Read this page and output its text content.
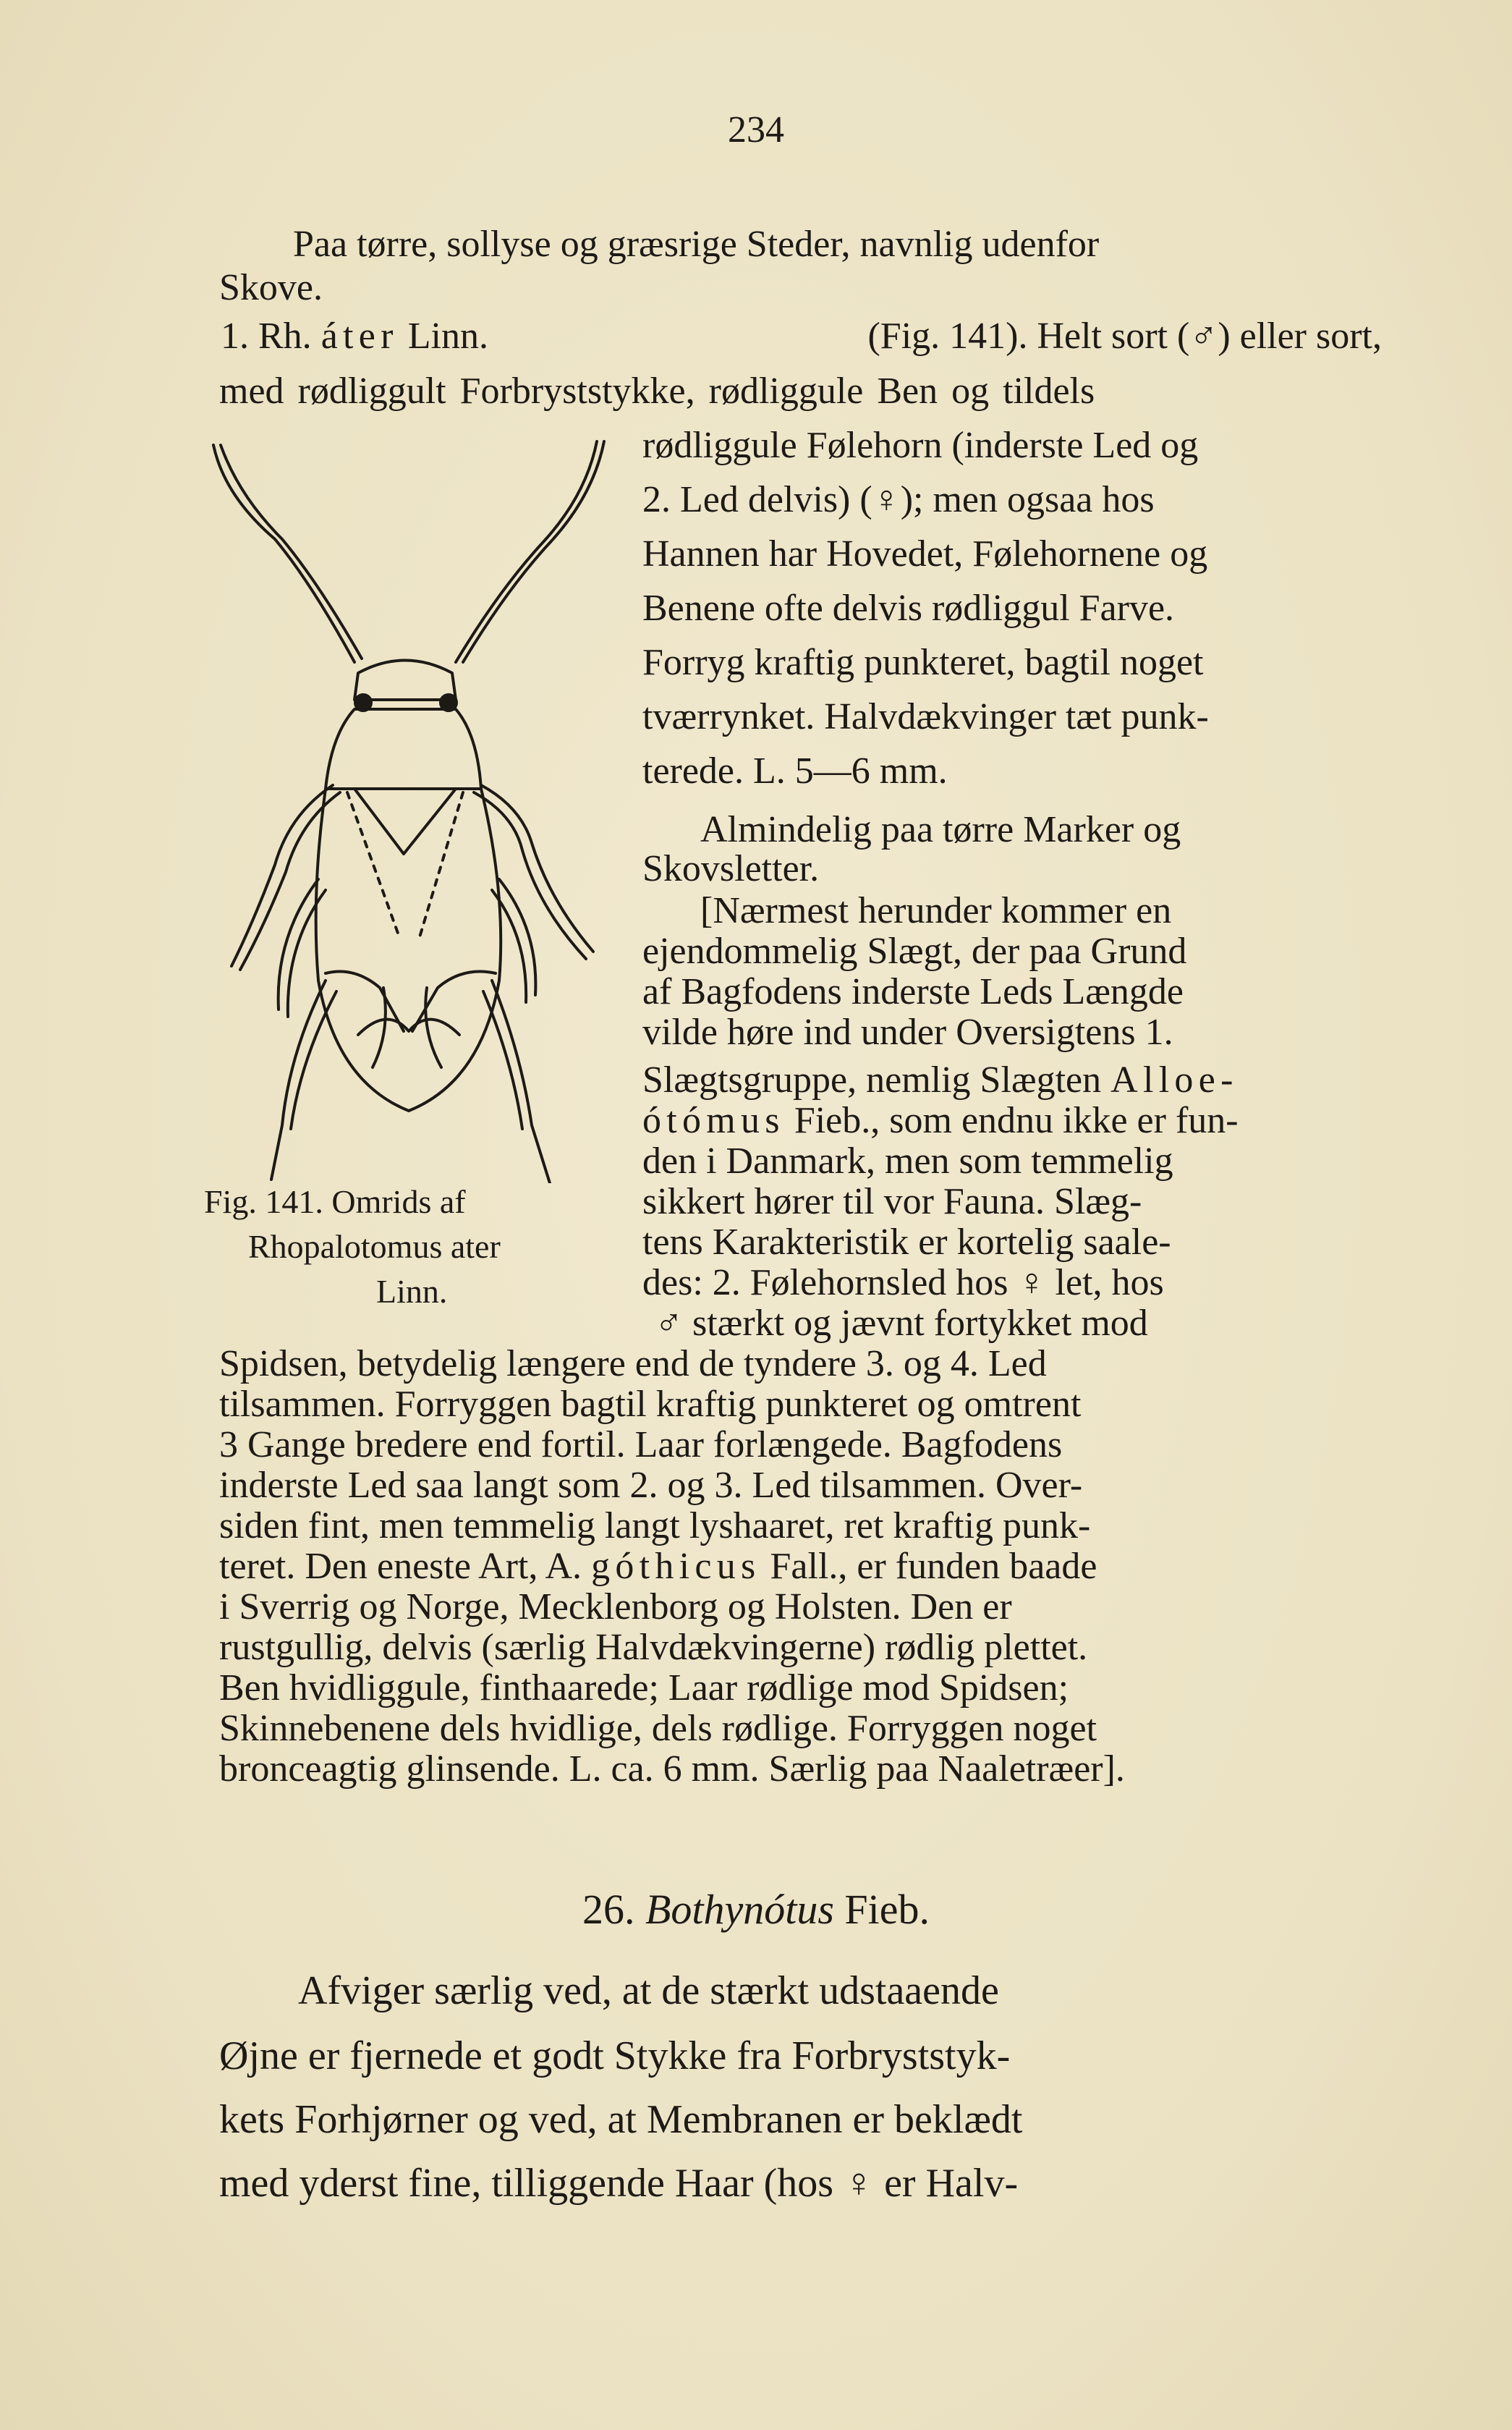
234
Paa tørre, sollyse og græsrige Steder, navnlig udenfor
Skove.
1. Rh. áter Linn.	(Fig. 141). Helt sort (♂) eller sort,
med rødliggult Forbryststykke, rødliggule Ben og tildels
rødliggule Følehorn (inderste Led og
2. Led delvis) (♀); men ogsaa hos
Hannen har Hovedet, Følehornene og
Benene ofte delvis rødliggul Farve.
Forryg kraftig punkteret, bagtil noget
tværrynket. Halvdækvinger tæt punk-
terede. L. 5—6 mm.
Almindelig paa tørre Marker og
Skovsletter.
[Nærmest herunder kommer en
ejendommelig Slægt, der paa Grund
af Bagfodens inderste Leds Længde
vilde høre ind under Oversigtens 1.
Slægtsgruppe, nemlig Slægten Alloe-
ótómus Fieb., som endnu ikke er fun-
den i Danmark, men som temmelig
sikkert hører til vor Fauna. Slæg-
tens Karakteristik er kortelig saale-
des: 2. Følehornsled hos ♀ let, hos
♂ stærkt og jævnt fortykket mod
Spidsen, betydelig længere end de tyndere 3. og 4. Led
tilsammen. Forryggen bagtil kraftig punkteret og omtrent
3 Gange bredere end fortil. Laar forlængede. Bagfodens
inderste Led saa langt som 2. og 3. Led tilsammen. Over-
siden fint, men temmelig langt lyshaaret, ret kraftig punk-
teret. Den eneste Art, A. góthicus Fall., er funden baade
i Sverrig og Norge, Mecklenborg og Holsten. Den er
rustgullig, delvis (særlig Halvdækvingerne) rødlig plettet.
Ben hvidliggule, finthaarede; Laar rødlige mod Spidsen;
Skinnebenene dels hvidlige, dels rødlige. Forryggen noget
bronceagtig glinsende. L. ca. 6 mm. Særlig paa Naaletræer].
Fig. 141. Omrids af
Rhopalotomus ater
Linn.
26. Bothynótus Fieb.
Afviger særlig ved, at de stærkt udstaaende
Øjne er fjernede et godt Stykke fra Forbryststyk-
kets Forhjørner og ved, at Membranen er beklædt
med yderst fine, tilliggende Haar (hos ♀ er Halv-
